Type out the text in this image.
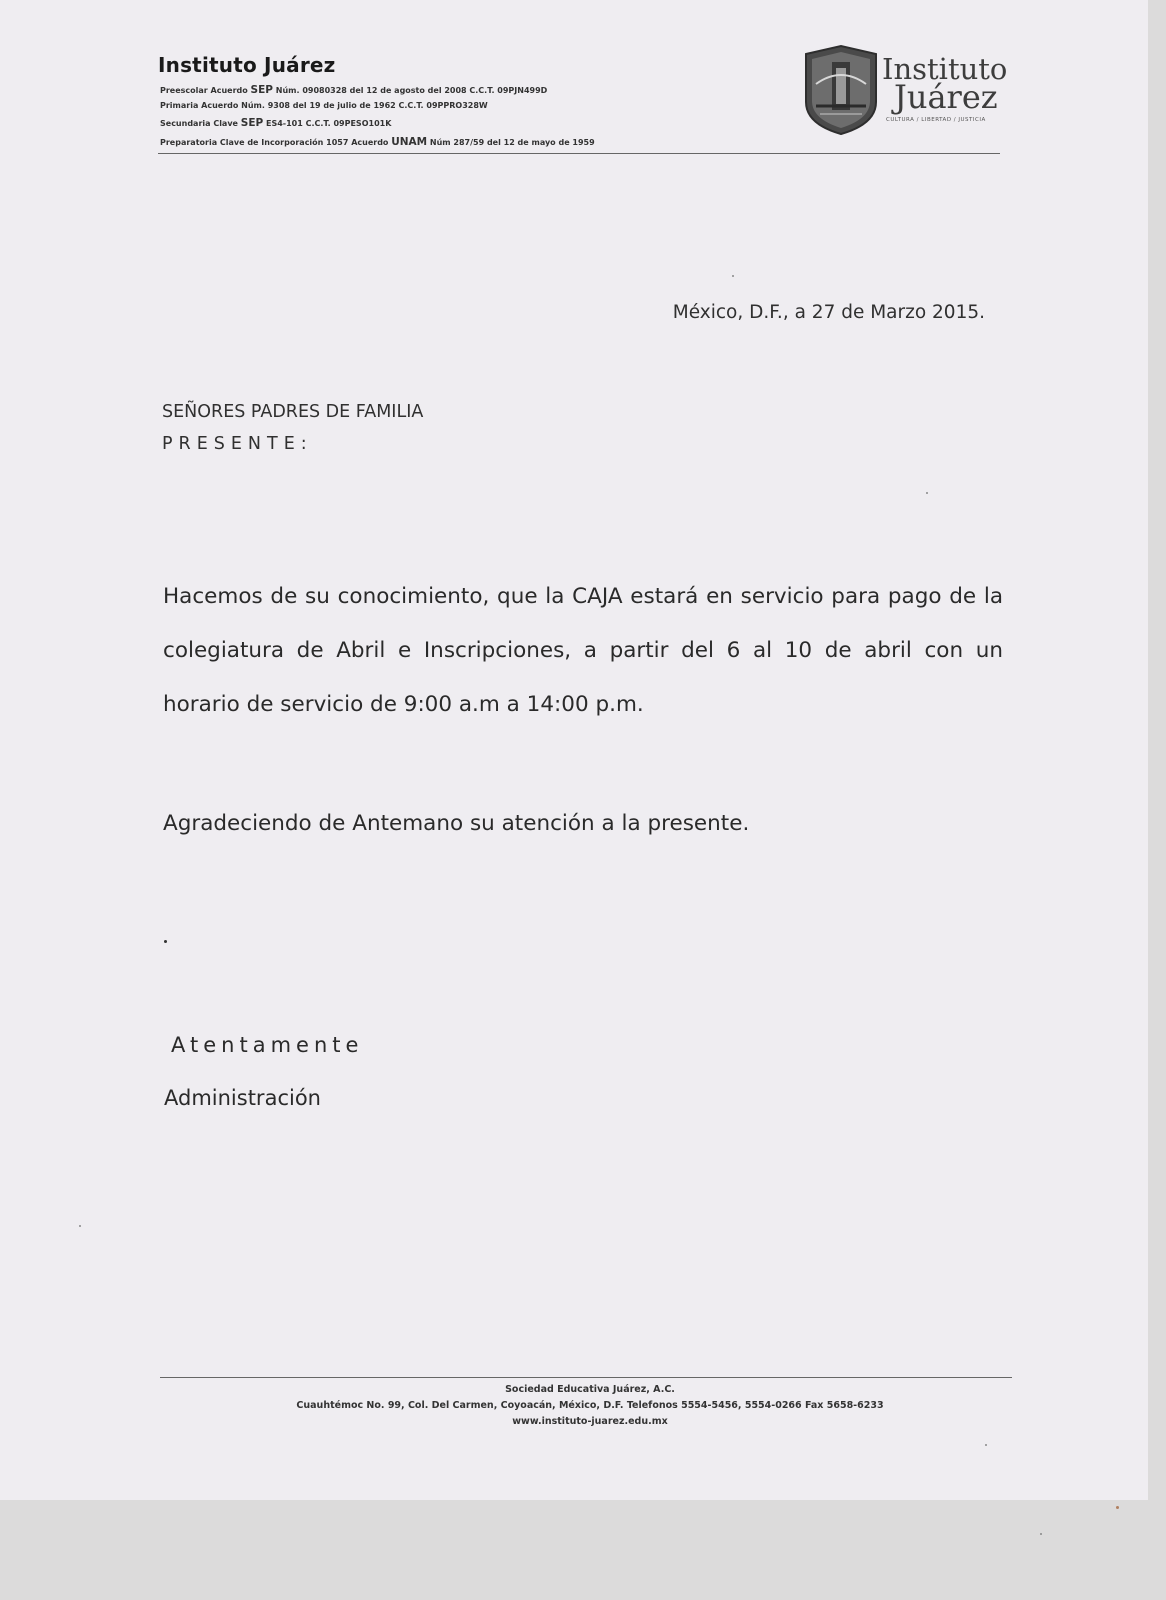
Instituto Juárez
Preescolar Acuerdo SEP Núm. 09080328 del 12 de agosto del 2008 C.C.T. 09PJN499D
Primaria Acuerdo Núm. 9308 del 19 de julio de 1962 C.C.T. 09PPRO328W
Secundaria Clave SEP ES4-101 C.C.T. 09PESO101K
Preparatoria Clave de Incorporación 1057 Acuerdo UNAM Núm 287/59 del 12 de mayo de 1959
Instituto
Juárez
CULTURA / LIBERTAD / JUSTICIA
México, D.F., a 27 de Marzo 2015.
SEÑORES PADRES DE FAMILIA
PRESENTE:

Hacemos de su conocimiento, que la CAJA estará en servicio para pago de la colegiatura de Abril e Inscripciones, a partir del 6 al 10 de abril con un horario de servicio de 9:00 a.m a 14:00 p.m.

Agradeciendo de Antemano su atención a la presente.

Atentamente
Administración
Sociedad Educativa Juárez, A.C.
Cuauhtémoc No. 99, Col. Del Carmen, Coyoacán, México, D.F. Telefonos 5554-5456, 5554-0266 Fax 5658-6233
www.instituto-juarez.edu.mx
